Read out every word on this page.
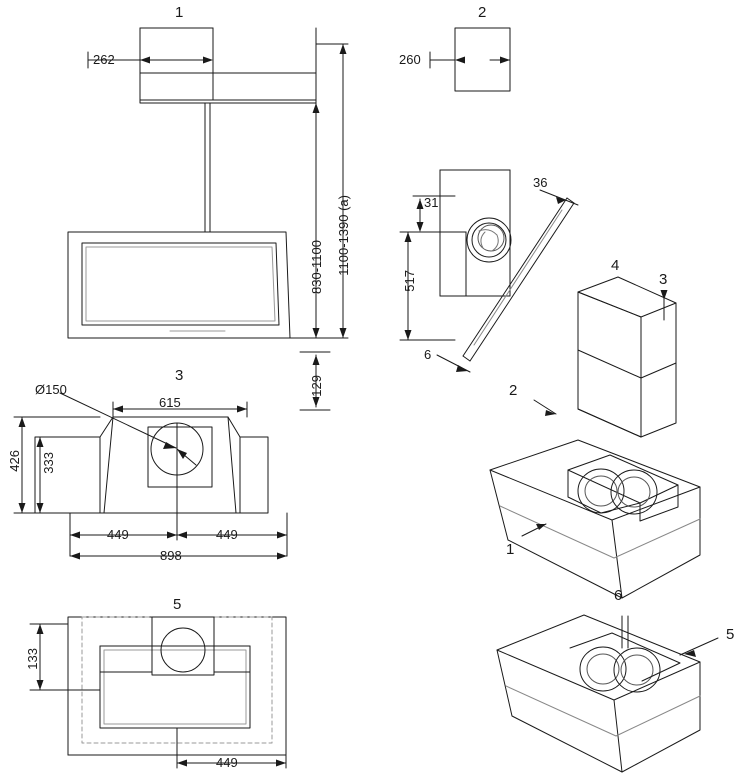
1	2
3
4
5
6
262
830-1100 1100-1390 (a)
129
260
31
36
517
6
Ø150
615
426 333
449	449
898
133
449
1
2
3
5
